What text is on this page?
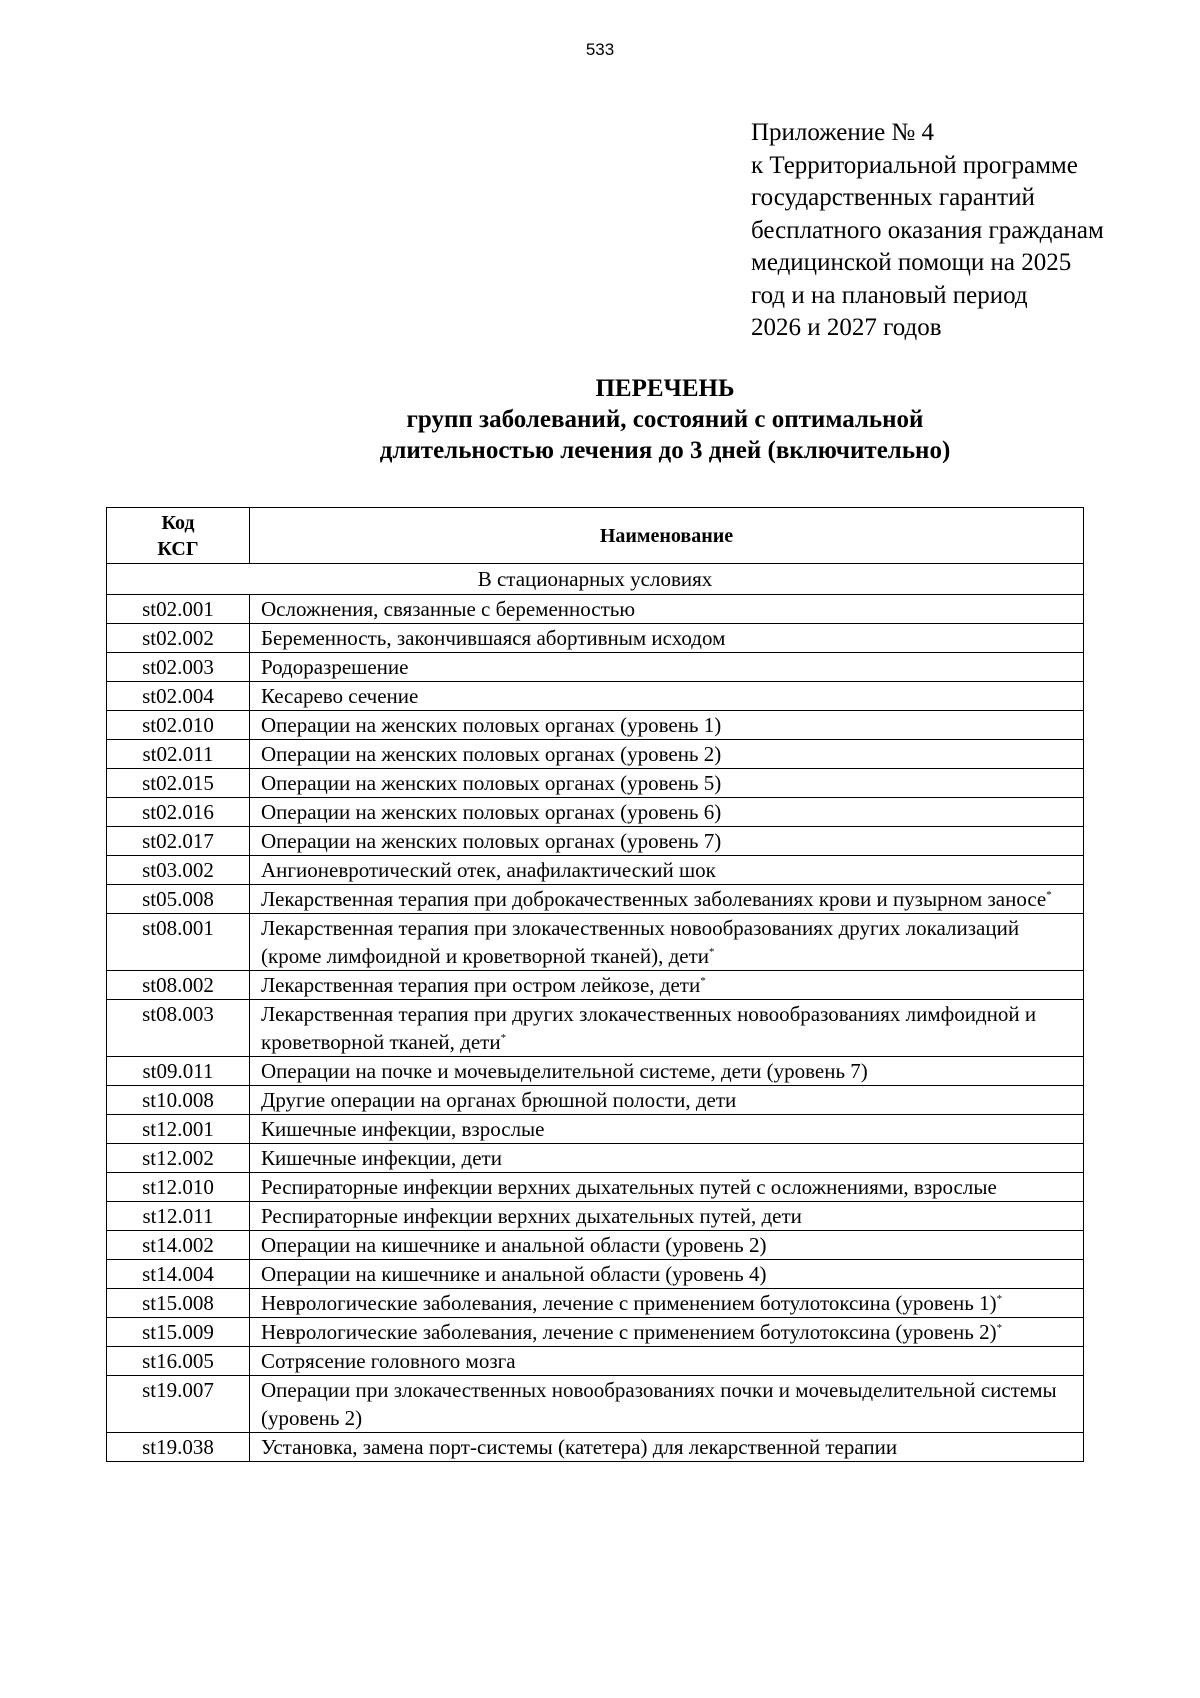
533
Приложение № 4
к Территориальной программе
государственных гарантий
бесплатного оказания гражданам
медицинской помощи на 2025
год и на плановый период
2026 и 2027 годов
ПЕРЕЧЕНЬ
групп заболеваний, состояний с оптимальной
длительностью лечения до 3 дней (включительно)
Код
КСГ	Наименование
В стационарных условиях	
st02.001	Осложнения, связанные с беременностью
st02.002	Беременность, закончившаяся абортивным исходом
st02.003	Родоразрешение
st02.004	Кесарево сечение
st02.010	Операции на женских половых органах (уровень 1)
st02.011	Операции на женских половых органах (уровень 2)
st02.015	Операции на женских половых органах (уровень 5)
st02.016	Операции на женских половых органах (уровень 6)
st02.017	Операции на женских половых органах (уровень 7)
st03.002	Ангионевротический отек, анафилактический шок
st05.008	Лекарственная терапия при доброкачественных заболеваниях крови и пузырном заносе*
st08.001	Лекарственная терапия при злокачественных новообразованиях других локализаций (кроме лимфоидной и кроветворной тканей), дети*
st08.002	Лекарственная терапия при остром лейкозе, дети*
st08.003	Лекарственная терапия при других злокачественных новообразованиях лимфоидной и кроветворной тканей, дети*
st09.011	Операции на почке и мочевыделительной системе, дети (уровень 7)
st10.008	Другие операции на органах брюшной полости, дети
st12.001	Кишечные инфекции, взрослые
st12.002	Кишечные инфекции, дети
st12.010	Респираторные инфекции верхних дыхательных путей с осложнениями, взрослые
st12.011	Респираторные инфекции верхних дыхательных путей, дети
st14.002	Операции на кишечнике и анальной области (уровень 2)
st14.004	Операции на кишечнике и анальной области (уровень 4)
st15.008	Неврологические заболевания, лечение с применением ботулотоксина (уровень 1)*
st15.009	Неврологические заболевания, лечение с применением ботулотоксина (уровень 2)*
st16.005	Сотрясение головного мозга
st19.007	Операции при злокачественных новообразованиях почки и мочевыделительной системы (уровень 2)
st19.038	Установка, замена порт-системы (катетера) для лекарственной терапии
